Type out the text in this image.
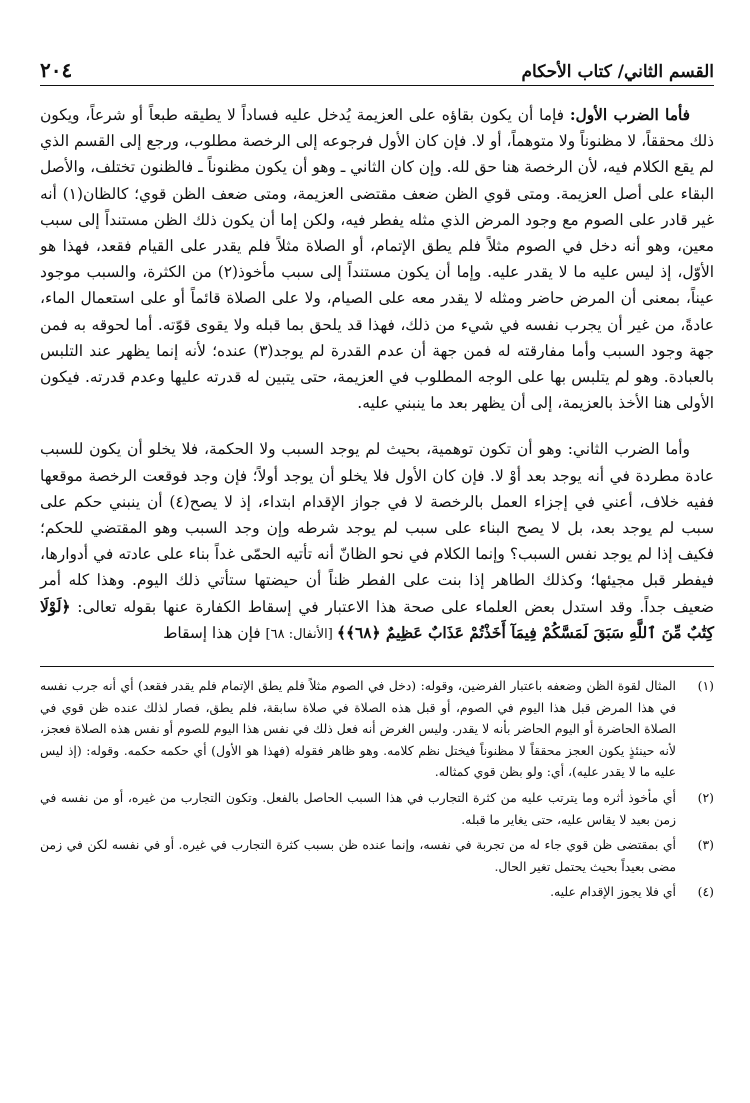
القسم الثاني/ كتاب الأحكام
٢٠٤

فأما الضرب الأول: فإما أن يكون بقاؤه على العزيمة يُدخل عليه فساداً لا يطيقه طبعاً أو شرعاً، ويكون ذلك محققاً، لا مظنوناً ولا متوهماً، أو لا. فإن كان الأول فرجوعه إلى الرخصة مطلوب، ورجع إلى القسم الذي لم يقع الكلام فيه، لأن الرخصة هنا حق لله. وإن كان الثاني ـ وهو أن يكون مظنوناً ـ فالظنون تختلف، والأصل البقاء على أصل العزيمة. ومتى قوي الظن ضعف مقتضى العزيمة، ومتى ضعف الظن قوي؛ كالظان(١) أنه غير قادر على الصوم مع وجود المرض الذي مثله يفطر فيه، ولكن إما أن يكون ذلك الظن مستنداً إلى سبب معين، وهو أنه دخل في الصوم مثلاً فلم يطق الإتمام، أو الصلاة مثلاً فلم يقدر على القيام فقعد، فهذا هو الأوّل، إذ ليس عليه ما لا يقدر عليه. وإما أن يكون مستنداً إلى سبب مأخوذ(٢) من الكثرة، والسبب موجود عيناً، بمعنى أن المرض حاضر ومثله لا يقدر معه على الصيام، ولا على الصلاة قائماً أو على استعمال الماء، عادةً، من غير أن يجرب نفسه في شيء من ذلك، فهذا قد يلحق بما قبله ولا يقوى قوّته. أما لحوقه به فمن جهة وجود السبب وأما مفارقته له فمن جهة أن عدم القدرة لم يوجد(٣) عنده؛ لأنه إنما يظهر عند التلبس بالعبادة. وهو لم يتلبس بها على الوجه المطلوب في العزيمة، حتى يتبين له قدرته عليها وعدم قدرته. فيكون الأولى هنا الأخذ بالعزيمة، إلى أن يظهر بعد ما ينبني عليه.

وأما الضرب الثاني: وهو أن تكون توهمية، بحيث لم يوجد السبب ولا الحكمة، فلا يخلو أن يكون للسبب عادة مطردة في أنه يوجد بعد أوْ لا. فإن كان الأول فلا يخلو أن يوجد أولاً؛ فإن وجد فوقعت الرخصة موقعها ففيه خلاف، أعني في إجزاء العمل بالرخصة لا في جواز الإقدام ابتداء، إذ لا يصح(٤) أن ينبني حكم على سبب لم يوجد بعد، بل لا يصح البناء على سبب لم يوجد شرطه وإن وجد السبب وهو المقتضي للحكم؛ فكيف إذا لم يوجد نفس السبب؟ وإنما الكلام في نحو الظانّ أنه تأتيه الحمّى غداً بناء على عادته في أدوارها، فيفطر قبل مجيئها؛ وكذلك الطاهر إذا بنت على الفطر ظناً أن حيضتها ستأتي ذلك اليوم. وهذا كله أمر ضعيف جداً. وقد استدل بعض العلماء على صحة هذا الاعتبار في إسقاط الكفارة عنها بقوله تعالى: ﴿لَوْلَا كِتَٰبٌ مِّنَ ٱللَّهِ سَبَقَ لَمَسَّكُمْ فِيمَآ أَخَذْتُمْ عَذَابٌ عَظِيمٌ ﴿٦٨﴾﴾ [الأنفال: ٦٨] فإن هذا إسقاط

(١)
المثال لقوة الظن وضعفه باعتبار الفرضين، وقوله: (دخل في الصوم مثلاً فلم يطق الإتمام فلم يقدر فقعد) أي أنه جرب نفسه في هذا المرض قبل هذا اليوم في الصوم، أو قبل هذه الصلاة في صلاة سابقة، فلم يطق، فصار لذلك عنده ظن قوي في الصلاة الحاضرة أو اليوم الحاضر بأنه لا يقدر. وليس الغرض أنه فعل ذلك في نفس هذا اليوم للصوم أو نفس هذه الصلاة فعجز، لأنه حينئذٍ يكون العجز محققاً لا مظنوناً فيختل نظم كلامه. وهو ظاهر فقوله (فهذا هو الأول) أي حكمه حكمه. وقوله: (إذ ليس عليه ما لا يقدر عليه)، أي: ولو بظن قوي كمثاله.
(٢)
أي مأخوذ أثره وما يترتب عليه من كثرة التجارب في هذا السبب الحاصل بالفعل. وتكون التجارب من غيره، أو من نفسه في زمن بعيد لا يقاس عليه، حتى يغاير ما قبله.
(٣)
أي بمقتضى ظن قوي جاء له من تجربة في نفسه، وإنما عنده ظن بسبب كثرة التجارب في غيره. أو في نفسه لكن في زمن مضى بعيداً بحيث يحتمل تغير الحال.
(٤)
أي فلا يجوز الإقدام عليه.
